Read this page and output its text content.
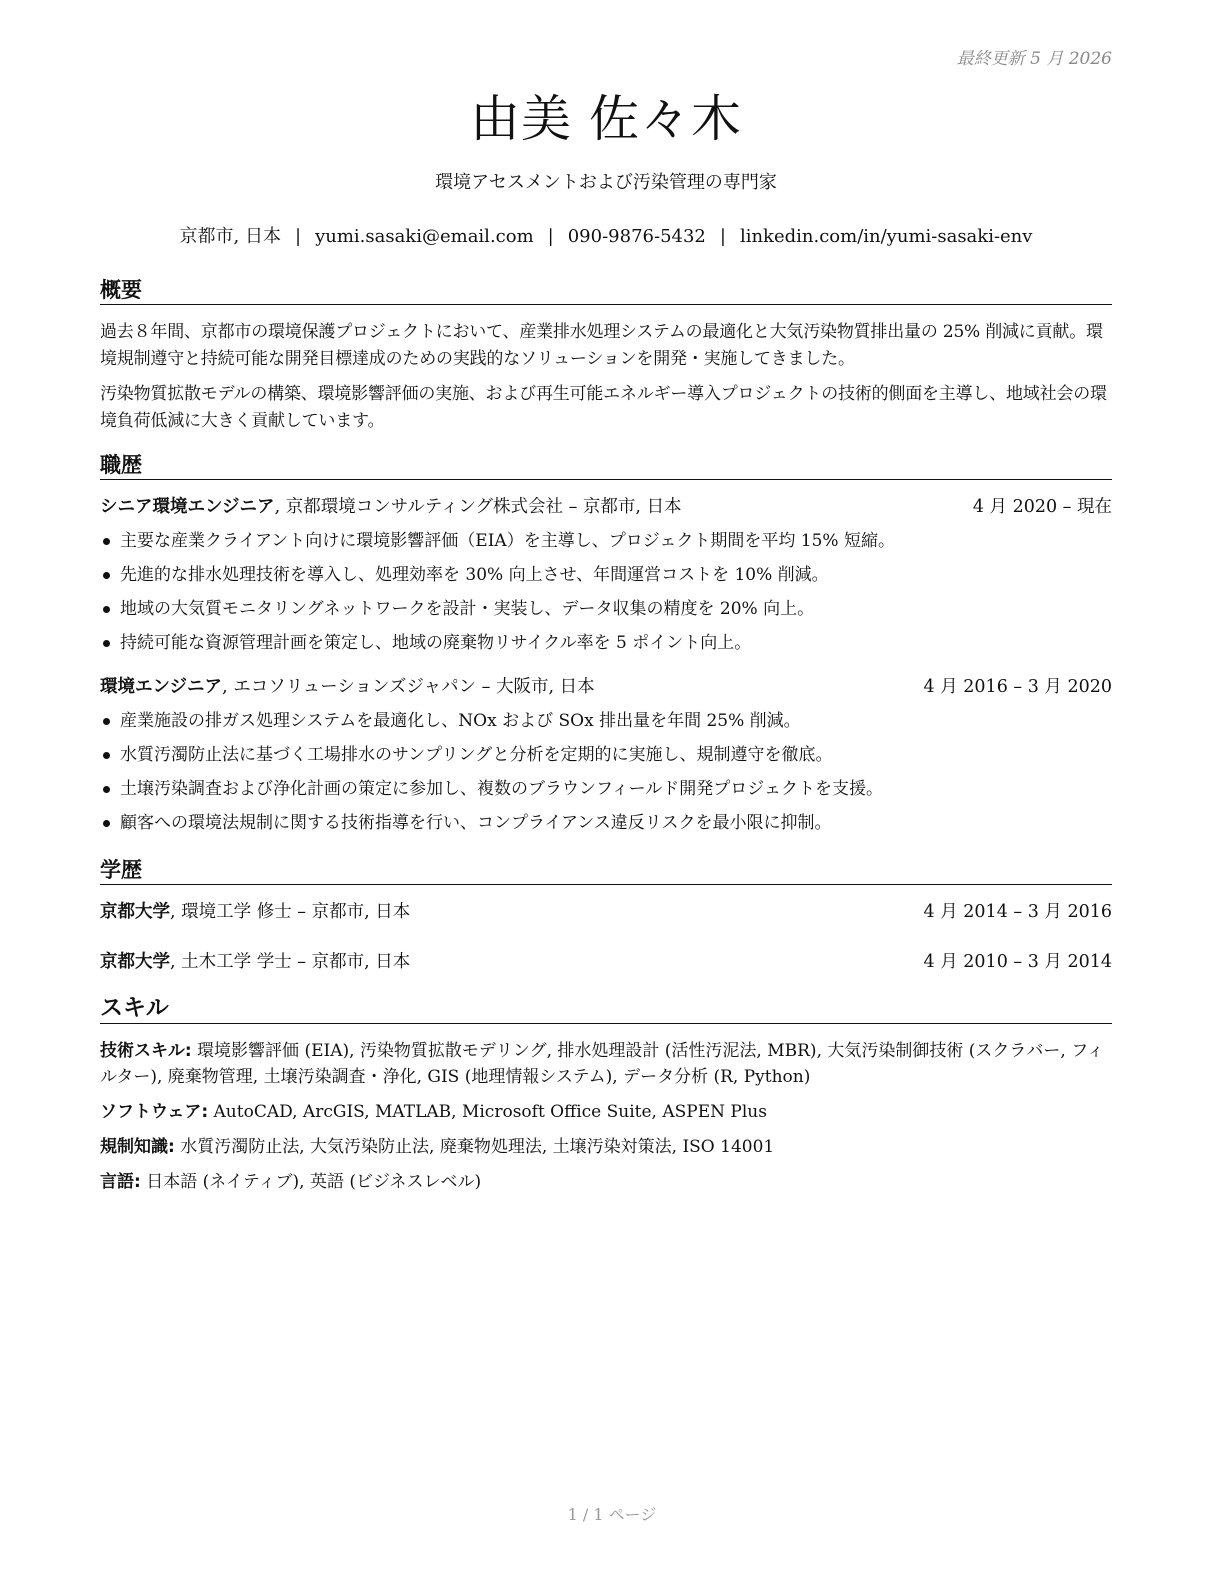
最終更新 5 月 2026
由美 佐々木
環境アセスメントおよび汚染管理の専門家
京都市, 日本 | yumi.sasaki@email.com | 090-9876-5432 | linkedin.com/in/yumi-sasaki-env
概要

過去８年間、京都市の環境保護プロジェクトにおいて、産業排水処理システムの最適化と大気汚染物質排出量の 25% 削減に貢献。環境規制遵守と持続可能な開発目標達成のための実践的なソリューションを開発・実施してきました。

汚染物質拡散モデルの構築、環境影響評価の実施、および再生可能エネルギー導入プロジェクトの技術的側面を主導し、地域社会の環境負荷低減に大きく貢献しています。

職歴
シニア環境エンジニア, 京都環境コンサルティング株式会社 – 京都市, 日本	4 月 2020 – 現在
主要な産業クライアント向けに環境影響評価（EIA）を主導し、プロジェクト期間を平均 15% 短縮。
先進的な排水処理技術を導入し、処理効率を 30% 向上させ、年間運営コストを 10% 削減。
地域の大気質モニタリングネットワークを設計・実装し、データ収集の精度を 20% 向上。
持続可能な資源管理計画を策定し、地域の廃棄物リサイクル率を 5 ポイント向上。
環境エンジニア, エコソリューションズジャパン – 大阪市, 日本	4 月 2016 – 3 月 2020
産業施設の排ガス処理システムを最適化し、NOx および SOx 排出量を年間 25% 削減。
水質汚濁防止法に基づく工場排水のサンプリングと分析を定期的に実施し、規制遵守を徹底。
土壌汚染調査および浄化計画の策定に参加し、複数のブラウンフィールド開発プロジェクトを支援。
顧客への環境法規制に関する技術指導を行い、コンプライアンス違反リスクを最小限に抑制。
学歴
京都大学, 環境工学 修士 – 京都市, 日本	4 月 2014 – 3 月 2016
京都大学, 土木工学 学士 – 京都市, 日本	4 月 2010 – 3 月 2014
スキル

技術スキル: 環境影響評価 (EIA), 汚染物質拡散モデリング, 排水処理設計 (活性汚泥法, MBR), 大気汚染制御技術 (スクラバー, フィルター), 廃棄物管理, 土壌汚染調査・浄化, GIS (地理情報システム), データ分析 (R, Python)

ソフトウェア: AutoCAD, ArcGIS, MATLAB, Microsoft Office Suite, ASPEN Plus

規制知識: 水質汚濁防止法, 大気汚染防止法, 廃棄物処理法, 土壌汚染対策法, ISO 14001

言語: 日本語 (ネイティブ), 英語 (ビジネスレベル)

1 / 1 ページ
